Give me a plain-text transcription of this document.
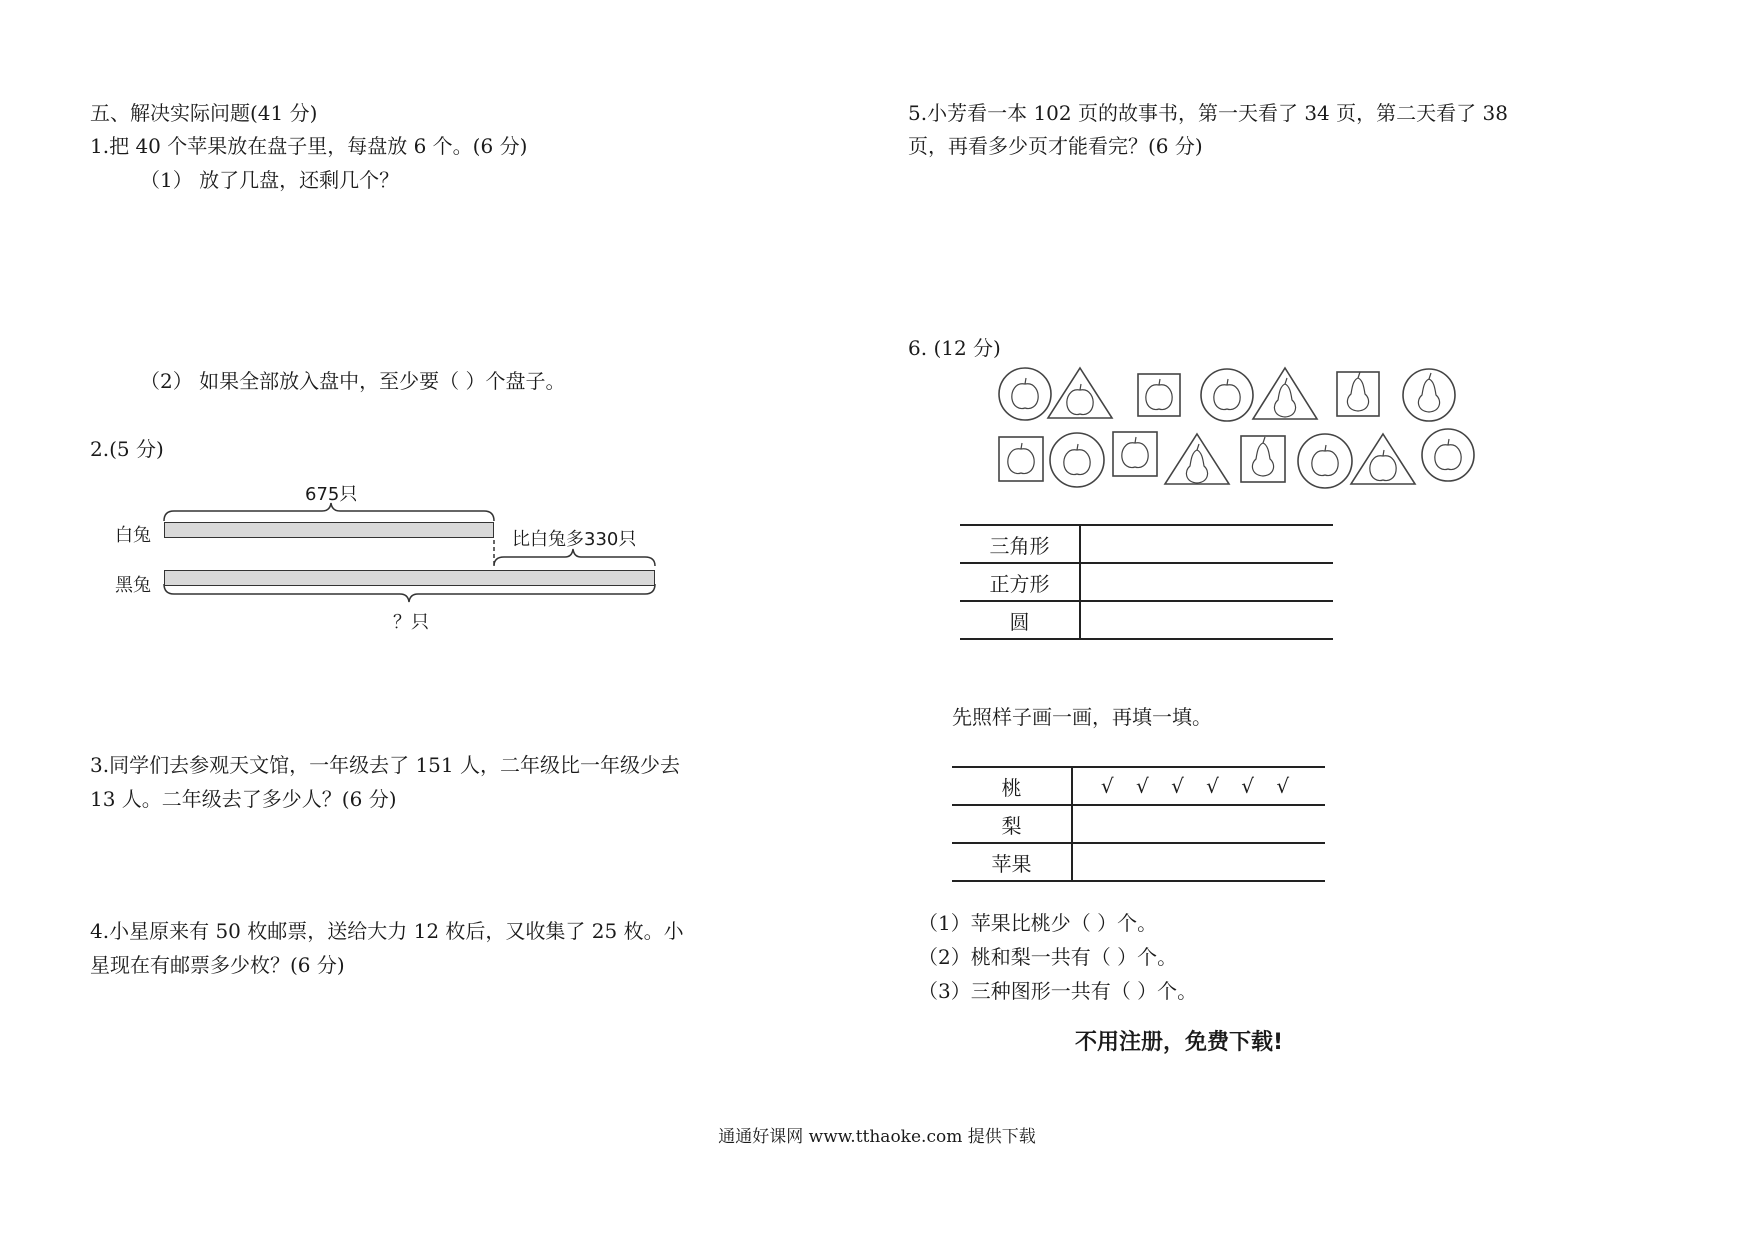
五、解决实际问题(41 分)
1.把 40 个苹果放在盘子里，每盘放 6 个。(6 分)
（1） 放了几盘，还剩几个？
（2） 如果全部放入盘中，至少要（ ）个盘子。
2.(5 分)
675只
白兔	比白兔多330只
黑兔
？只
3.同学们去参观天文馆，一年级去了 151 人，二年级比一年级少去
13 人。二年级去了多少人？(6 分)
4.小星原来有 50 枚邮票，送给大力 12 枚后，又收集了 25 枚。小
星现在有邮票多少枚？(6 分)
5.小芳看一本 102 页的故事书，第一天看了 34 页，第二天看了 38
页，再看多少页才能看完？(6 分)
6. (12 分)
三角形	
正方形	
圆	
先照样子画一画，再填一填。
桃	√ √ √ √ √ √
梨	
苹果	
（1）苹果比桃少（ ）个。
（2）桃和梨一共有（ ）个。
（3）三种图形一共有（ ）个。
不用注册，免费下载!
通通好课网 www.tthaoke.com 提供下载
